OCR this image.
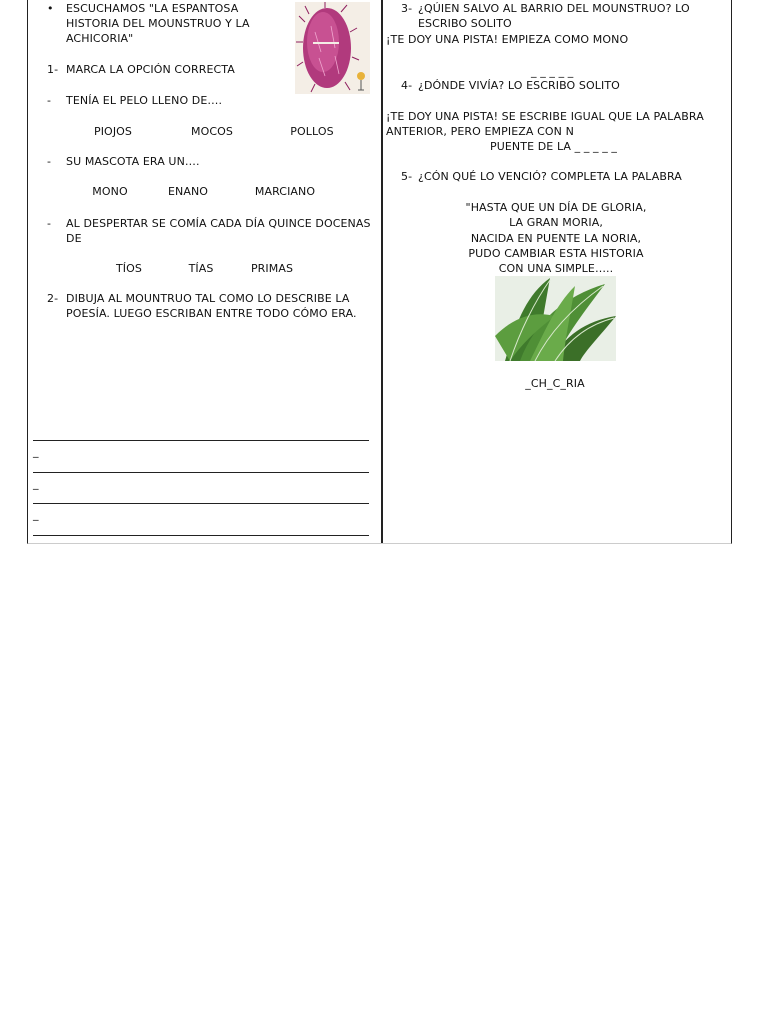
• ESCUCHAMOS "LA ESPANTOSA
HISTORIA DEL MOUNSTRUO Y LA
ACHICORIA"
1- MARCA LA OPCIÓN CORRECTA
- TENÍA EL PELO LLENO DE….
PIOJOS	MOCOS	POLLOS
- SU MASCOTA ERA UN….
MONO	ENANO	MARCIANO
- AL DESPERTAR SE COMÍA CADA DÍA QUINCE DOCENAS
DE
TÍOS	TÍAS	PRIMAS
2- DIBUJA AL MOUNTRUO TAL COMO LO DESCRIBE LA
POESÍA. LUEGO ESCRIBAN ENTRE TODO CÓMO ERA.
_
_
_
3- ¿QÚIEN SALVO AL BARRIO DEL MOUNSTRUO? LO
ESCRIBO SOLITO
¡TE DOY UNA PISTA! EMPIEZA COMO MONO
_ _ _ _ _
4- ¿DÓNDE VIVÍA? LO ESCRIBO SOLITO
¡TE DOY UNA PISTA! SE ESCRIBE IGUAL QUE LA PALABRA
ANTERIOR, PERO EMPIEZA CON N
PUENTE DE LA _ _ _ _ _
5- ¿CÓN QUÉ LO VENCIÓ? COMPLETA LA PALABRA
"HASTA QUE UN DÍA DE GLORIA,
LA GRAN MORIA,
NACIDA EN PUENTE LA NORIA,
PUDO CAMBIAR ESTA HISTORIA
CON UNA SIMPLE…..
_CH_C_RIA
